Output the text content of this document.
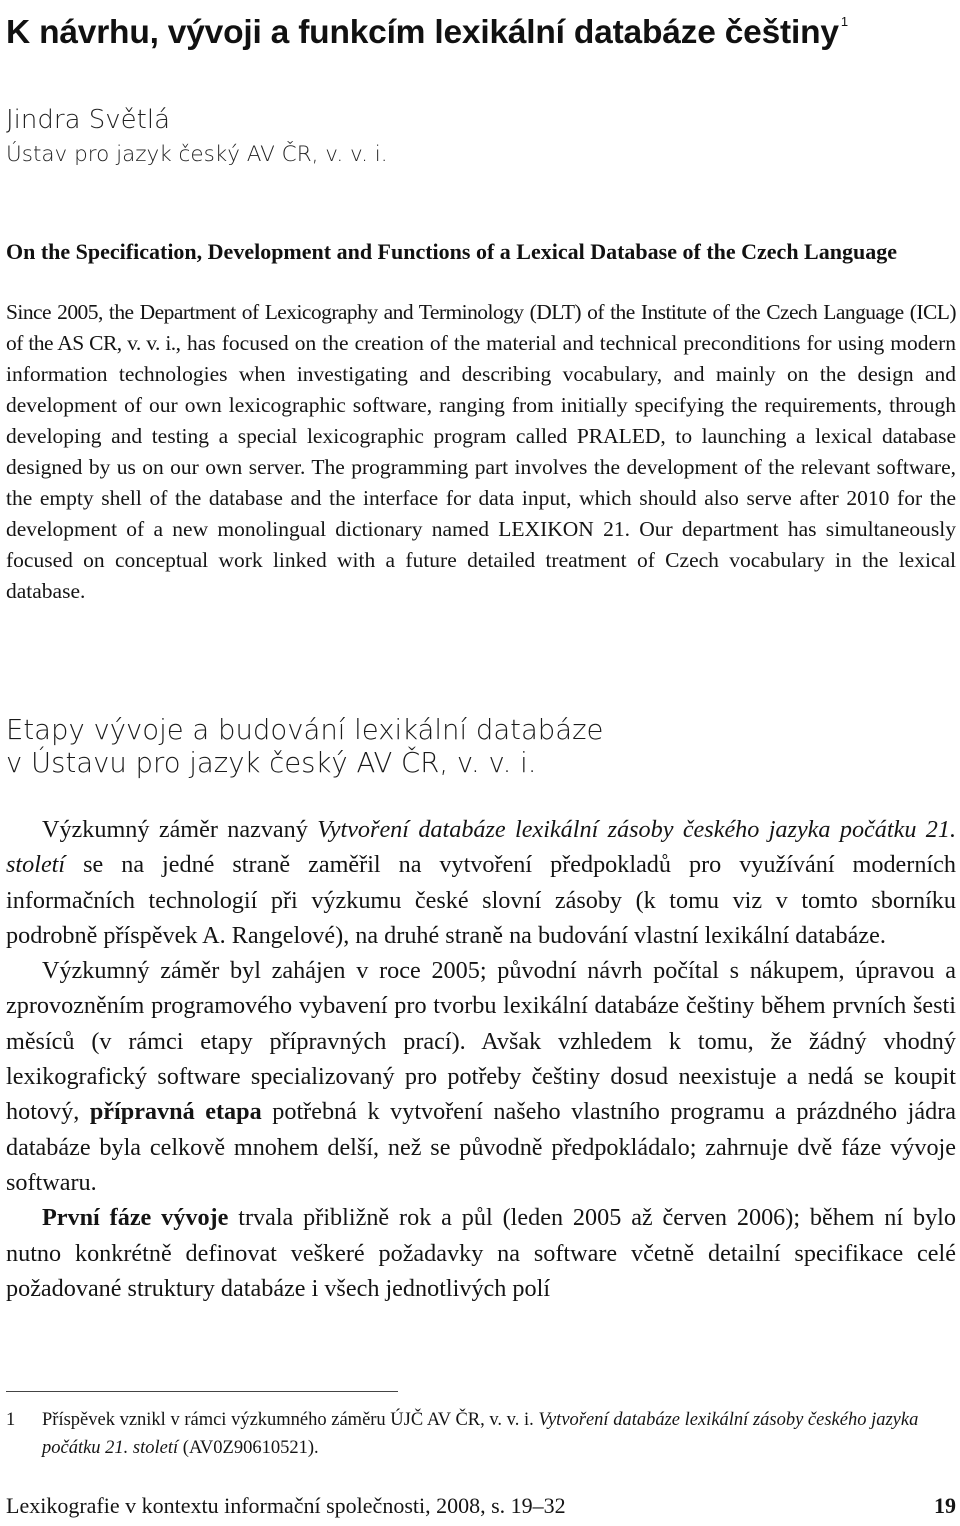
K návrhu, vývoji a funkcím lexikální databáze češtiny $^1$
Jindra Světlá
Ústav pro jazyk český AV ČR, v. v. i.
On the Specification, Development and Functions of a Lexical Database of the Czech Language

Since 2005, the Department of Lexicography and Terminology (DLT) of the Institute of the Czech Language (ICL) of the AS CR, v. v. i., has focused on the creation of the material and technical preconditions for using modern information technologies when investigating and describing vocabulary, and mainly on the design and development of our own lexicographic software, ranging from initially specifying the requirements, through developing and testing a special lexicographic program called PRALED, to launching a lexical database designed by us on our own server. The programming part involves the development of the relevant software, the empty shell of the database and the interface for data input, which should also serve after 2010 for the development of a new monolingual dictionary named LEXIKON 21. Our department has simultaneously focused on conceptual work linked with a future detailed treatment of Czech vocabulary in the lexical database.

Etapy vývoje a budování lexikální databáze
v Ústavu pro jazyk český AV ČR, v. v. i.

Výzkumný záměr nazvaný Vytvoření databáze lexikální zásoby českého jazyka počátku 21. století se na jedné straně zaměřil na vytvoření předpokladů pro využívání moderních informačních technologií při výzkumu české slovní zásoby (k tomu viz v tomto sborníku podrobně příspěvek A. Rangelové), na druhé straně na budování vlastní lexikální databáze.

Výzkumný záměr byl zahájen v roce 2005; původní návrh počítal s nákupem, úpravou a zprovozněním programového vybavení pro tvorbu lexikální databáze češtiny během prvních šesti měsíců (v rámci etapy přípravných prací). Avšak vzhledem k tomu, že žádný vhodný lexikografický software specializovaný pro potřeby češtiny dosud neexistuje a nedá se koupit hotový, přípravná etapa potřebná k vytvoření našeho vlastního programu a prázdného jádra databáze byla celkově mnohem delší, než se původně předpokládalo; zahrnuje dvě fáze vývoje softwaru.

První fáze vývoje trvala přibližně rok a půl (leden 2005 až červen 2006); během ní bylo nutno konkrétně definovat veškeré požadavky na software včetně detailní specifikace celé požadované struktury databáze i všech jednotlivých polí

1 Příspěvek vznikl v rámci výzkumného záměru ÚJČ AV ČR, v. v. i. Vytvoření databáze lexikální zásoby českého jazyka počátku 21. století (AV0Z90610521).
Lexikografie v kontextu informační společnosti, 2008, s. 19–32	19
